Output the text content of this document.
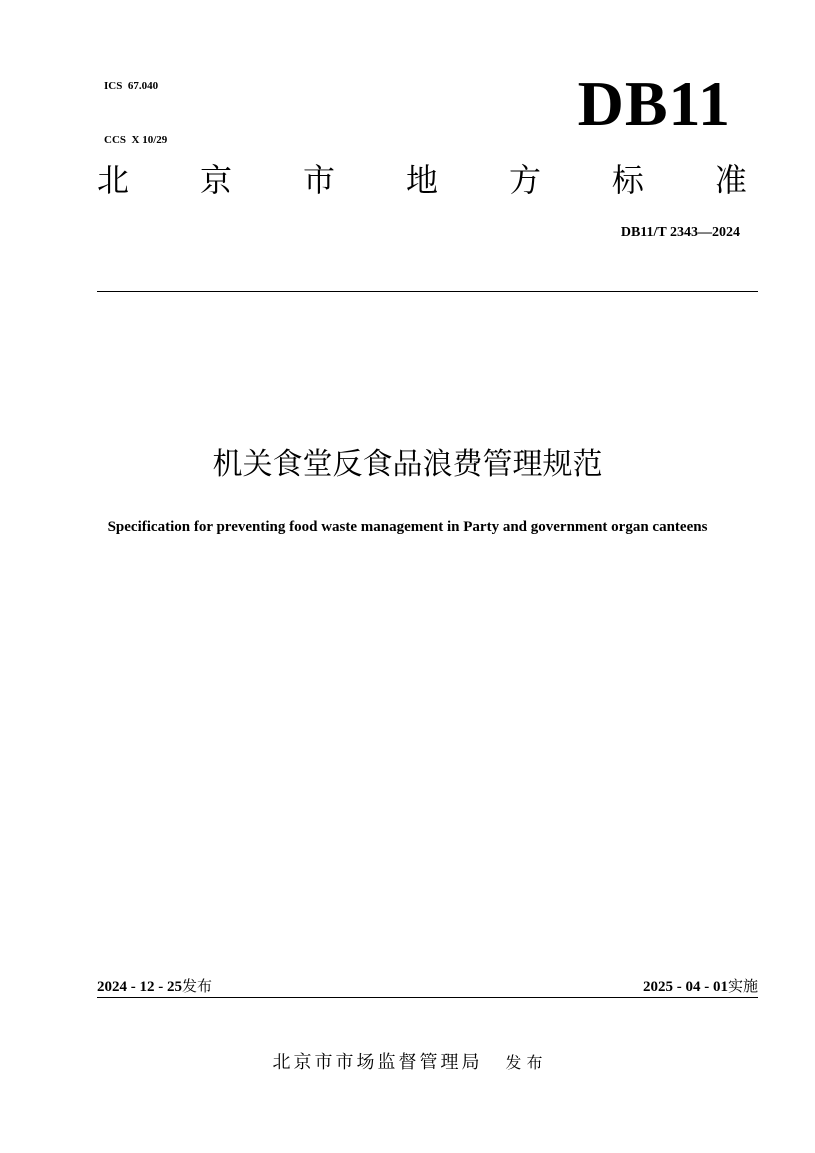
ICS  67.040

CCS  X 10/29

DB11
北 京 市 地 方 标 准
DB11/T 2343—2024
机关食堂反食品浪费管理规范
Specification for preventing food waste management in Party and government organ canteens
2024 - 12 - 25发布	2025 - 04 - 01实施
北京市市场监督管理局 发 布
